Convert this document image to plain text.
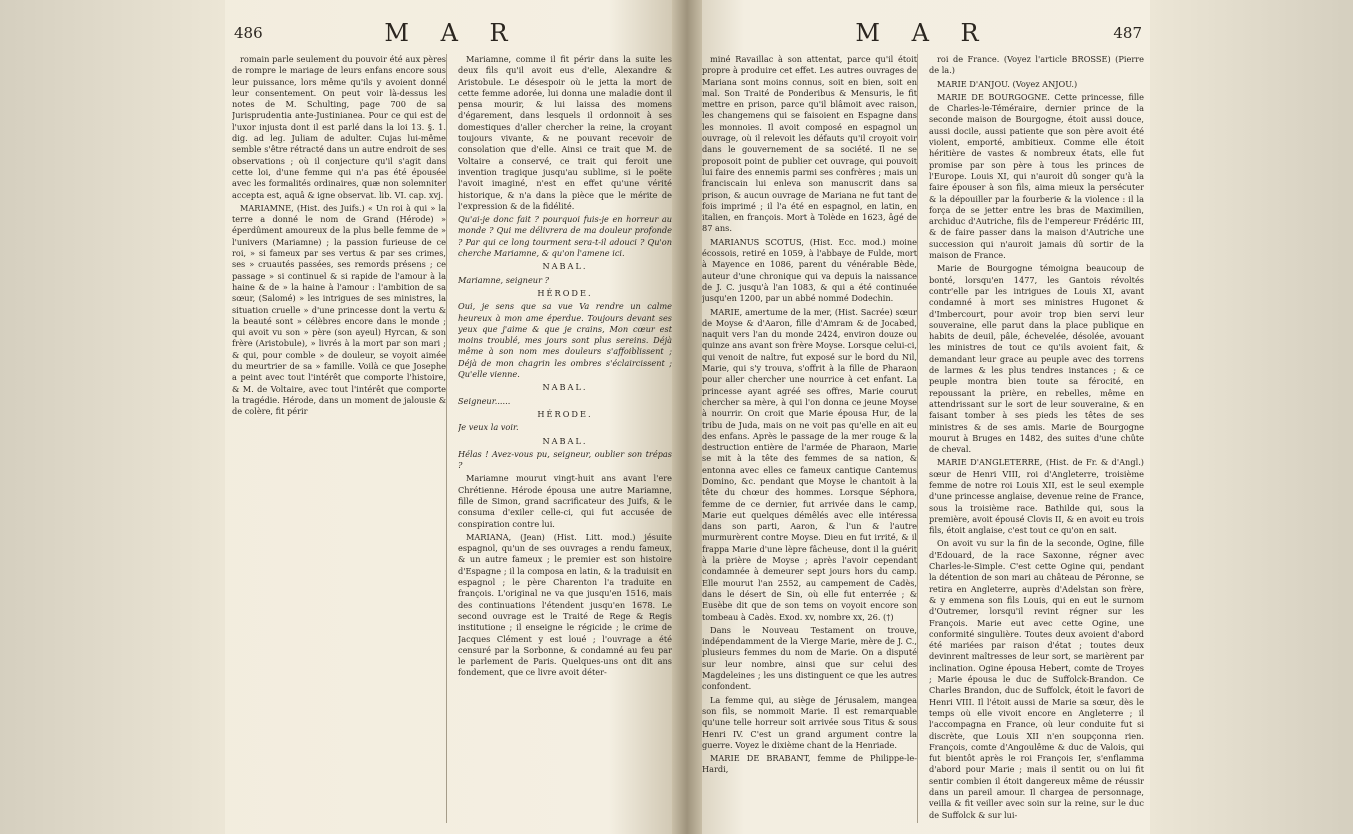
486	M A R

romain parle seulement du pouvoir été aux pères de rompre le mariage de leurs enfans encore sous leur puissance, lors même qu'ils y avoient donné leur consentement. On peut voir là-dessus les notes de M. Schulting, page 700 de sa Jurisprudentia ante-Justinianea. Pour ce qui est de l'uxor injusta dont il est parlé dans la loi 13. §. 1. dig. ad leg. Juliam de adulter. Cujas lui-même semble s'être rétracté dans un autre endroit de ses observations ; où il conjecture qu'il s'agit dans cette loi, d'une femme qui n'a pas été épousée avec les formalités ordinaires, quæ non solemniter accepta est, aquâ & igne observat. lib. VI. cap. xvj.

MARIAMNE, (Hist. des Juifs.) « Un roi à qui » la terre a donné le nom de Grand (Hérode) » éperdûment amoureux de la plus belle femme de » l'univers (Mariamne) ; la passion furieuse de ce roi, » si fameux par ses vertus & par ses crimes, ses » cruautés passées, ses remords présens ; ce passage » si continuel & si rapide de l'amour à la haine & de » la haine à l'amour : l'ambition de sa sœur, (Salomé) » les intrigues de ses ministres, la situation cruelle » d'une princesse dont la vertu & la beauté sont » célèbres encore dans le monde ; qui avoit vu son » père (son ayeul) Hyrcan, & son frère (Aristobule), » livrés à la mort par son mari ; & qui, pour comble » de douleur, se voyoit aimée du meurtrier de sa » famille. Voilà ce que Josephe a peint avec tout l'intérêt que comporte l'histoire, & M. de Voltaire, avec tout l'intérêt que comporte la tragédie. Hérode, dans un moment de jalousie & de colère, fit périr

Mariamne, comme il fit périr dans la suite les deux fils qu'il avoit eus d'elle, Alexandre & Aristobule. Le désespoir où le jetta la mort de cette femme adorée, lui donna une maladie dont il pensa mourir, & lui laissa des momens d'égarement, dans lesquels il ordonnoit à ses domestiques d'aller chercher la reine, la croyant toujours vivante, & ne pouvant recevoir de consolation que d'elle. Ainsi ce trait que M. de Voltaire a conservé, ce trait qui feroit une invention tragique jusqu'au sublime, si le poëte l'avoit imaginé, n'est en effet qu'une vérité historique, & n'a dans la pièce que le mérite de l'expression & de la fidélité.

Qu'ai-je donc fait ? pourquoi fuis-je en horreur au monde ? Qui me délivrera de ma douleur profonde ? Par qui ce long tourment sera-t-il adouci ? Qu'on cherche Mariamne, & qu'on l'amene ici.

NABAL.

Mariamne, seigneur ?

HÉRODE.

Oui, je sens que sa vue Va rendre un calme heureux à mon ame éperdue. Toujours devant ses yeux que j'aime & que je crains, Mon cœur est moins troublé, mes jours sont plus sereins. Déjà même à son nom mes douleurs s'affoiblissent ; Déjà de mon chagrin les ombres s'éclaircissent ; Qu'elle vienne.

NABAL.

Seigneur......

HÉRODE.

Je veux la voir.

NABAL.

Hélas ! Avez-vous pu, seigneur, oublier son trépas ?

Mariamne mourut vingt-huit ans avant l'ere Chrétienne. Hérode épousa une autre Mariamne, fille de Simon, grand sacrificateur des Juifs, & le consuma d'exiler celle-ci, qui fut accusée de conspiration contre lui.

MARIANA, (Jean) (Hist. Litt. mod.) jésuite espagnol, qu'un de ses ouvrages a rendu fameux, & un autre fameux ; le premier est son histoire d'Espagne ; il la composa en latin, & la traduisit en espagnol ; le père Charenton l'a traduite en françois. L'original ne va que jusqu'en 1516, mais des continuations l'étendent jusqu'en 1678. Le second ouvrage est le Traité de Rege & Regis institutione ; il enseigne le régicide ; le crime de Jacques Clément y est loué ; l'ouvrage a été censuré par la Sorbonne, & condamné au feu par le parlement de Paris. Quelques-uns ont dit ans fondement, que ce livre avoit déter-

M A R	487

miné Ravaillac à son attentat, parce qu'il étoit propre à produire cet effet. Les autres ouvrages de Mariana sont moins connus, soit en bien, soit en mal. Son Traité de Ponderibus & Mensuris, le fit mettre en prison, parce qu'il blâmoit avec raison, les changemens qui se faisoient en Espagne dans les monnoies. Il avoit composé en espagnol un ouvrage, où il relevoit les défauts qu'il croyoit voir dans le gouvernement de sa société. Il ne se proposoit point de publier cet ouvrage, qui pouvoit lui faire des ennemis parmi ses confrères ; mais un franciscain lui enleva son manuscrit dans sa prison, & aucun ouvrage de Mariana ne fut tant de fois imprimé ; il l'a été en espagnol, en latin, en italien, en françois. Mort à Tolède en 1623, âgé de 87 ans.

MARIANUS SCOTUS, (Hist. Ecc. mod.) moine écossois, retiré en 1059, à l'abbaye de Fulde, mort à Mayence en 1086, parent du vénérable Bède, auteur d'une chronique qui va depuis la naissance de J. C. jusqu'à l'an 1083, & qui a été continuée jusqu'en 1200, par un abbé nommé Dodechin.

MARIE, amertume de la mer, (Hist. Sacrée) sœur de Moyse & d'Aaron, fille d'Amram & de Jocabed, naquit vers l'an du monde 2424, environ douze ou quinze ans avant son frère Moyse. Lorsque celui-ci, qui venoit de naître, fut exposé sur le bord du Nil, Marie, qui s'y trouva, s'offrit à la fille de Pharaon pour aller chercher une nourrice à cet enfant. La princesse ayant agréé ses offres, Marie courut chercher sa mère, à qui l'on donna ce jeune Moyse à nourrir. On croit que Marie épousa Hur, de la tribu de Juda, mais on ne voit pas qu'elle en ait eu des enfans. Après le passage de la mer rouge & la destruction entière de l'armée de Pharaon, Marie se mit à la tête des femmes de sa nation, & entonna avec elles ce fameux cantique Cantemus Domino, &c. pendant que Moyse le chantoit à la tête du chœur des hommes. Lorsque Séphora, femme de ce dernier, fut arrivée dans le camp, Marie eut quelques démêlés avec elle intéressa dans son parti, Aaron, & l'un & l'autre murmurèrent contre Moyse. Dieu en fut irrité, & il frappa Marie d'une lèpre fâcheuse, dont il la guérit à la prière de Moyse ; après l'avoir cependant condamnée à demeurer sept jours hors du camp. Elle mourut l'an 2552, au campement de Cadès, dans le désert de Sin, où elle fut enterrée ; & Eusèbe dit que de son tems on voyoit encore son tombeau à Cadès. Exod. xv, nombre xx, 26. (†)

Dans le Nouveau Testament on trouve, indépendamment de la Vierge Marie, mère de J. C., plusieurs femmes du nom de Marie. On a disputé sur leur nombre, ainsi que sur celui des Magdeleines ; les uns distinguent ce que les autres confondent.

La femme qui, au siège de Jérusalem, mangea son fils, se nommoit Marie. Il est remarquable qu'une telle horreur soit arrivée sous Titus & sous Henri IV. C'est un grand argument contre la guerre. Voyez le dixième chant de la Henriade.

MARIE DE BRABANT, femme de Philippe-le-Hardi,

roi de France. (Voyez l'article BROSSE) (Pierre de la.)

MARIE D'ANJOU. (Voyez ANJOU.)

MARIE DE BOURGOGNE. Cette princesse, fille de Charles-le-Téméraire, dernier prince de la seconde maison de Bourgogne, étoit aussi douce, aussi docile, aussi patiente que son père avoit été violent, emporté, ambitieux. Comme elle étoit héritière de vastes & nombreux états, elle fut promise par son père à tous les princes de l'Europe. Louis XI, qui n'auroit dû songer qu'à la faire épouser à son fils, aima mieux la persécuter & la dépouiller par la fourberie & la violence : il la força de se jetter entre les bras de Maximilien, archiduc d'Autriche, fils de l'empereur Frédéric III, & de faire passer dans la maison d'Autriche une succession qui n'auroit jamais dû sortir de la maison de France.

Marie de Bourgogne témoigna beaucoup de bonté, lorsqu'en 1477, les Gantois révoltés contr'elle par les intrigues de Louis XI, avant condamné à mort ses ministres Hugonet & d'Imbercourt, pour avoir trop bien servi leur souveraine, elle parut dans la place publique en habits de deuil, pâle, échevelée, désolée, avouant les ministres de tout ce qu'ils avoient fait, & demandant leur grace au peuple avec des torrens de larmes & les plus tendres instances ; & ce peuple montra bien toute sa férocité, en repoussant la prière, en rebelles, même en attendrissant sur le sort de leur souveraine, & en faisant tomber à ses pieds les têtes de ses ministres & de ses amis. Marie de Bourgogne mourut à Bruges en 1482, des suites d'une chûte de cheval.

MARIE D'ANGLETERRE, (Hist. de Fr. & d'Angl.) sœur de Henri VIII, roi d'Angleterre, troisième femme de notre roi Louis XII, est le seul exemple d'une princesse anglaise, devenue reine de France, sous la troisième race. Bathilde qui, sous la première, avoit épousé Clovis II, & en avoit eu trois fils, étoit anglaise, c'est tout ce qu'on en sait.

On avoit vu sur la fin de la seconde, Ogine, fille d'Edouard, de la race Saxonne, régner avec Charles-le-Simple. C'est cette Ogine qui, pendant la détention de son mari au château de Péronne, se retira en Angleterre, auprès d'Adelstan son frère, & y emmena son fils Louis, qui en eut le surnom d'Outremer, lorsqu'il revint régner sur les François. Marie eut avec cette Ogine, une conformité singulière. Toutes deux avoient d'abord été mariées par raison d'état ; toutes deux devinrent maîtresses de leur sort, se marièrent par inclination. Ogine épousa Hebert, comte de Troyes ; Marie épousa le duc de Suffolck-Brandon. Ce Charles Brandon, duc de Suffolck, étoit le favori de Henri VIII. Il l'étoit aussi de Marie sa sœur, dès le temps où elle vivoit encore en Angleterre ; il l'accompagna en France, où leur conduite fut si discrète, que Louis XII n'en soupçonna rien. François, comte d'Angoulême & duc de Valois, qui fut bientôt après le roi François Ier, s'enflamma d'abord pour Marie ; mais il sentit ou on lui fit sentir combien il étoit dangereux même de réussir dans un pareil amour. Il chargea de personnage, veilla & fit veiller avec soin sur la reine, sur le duc de Suffolck & sur lui-
